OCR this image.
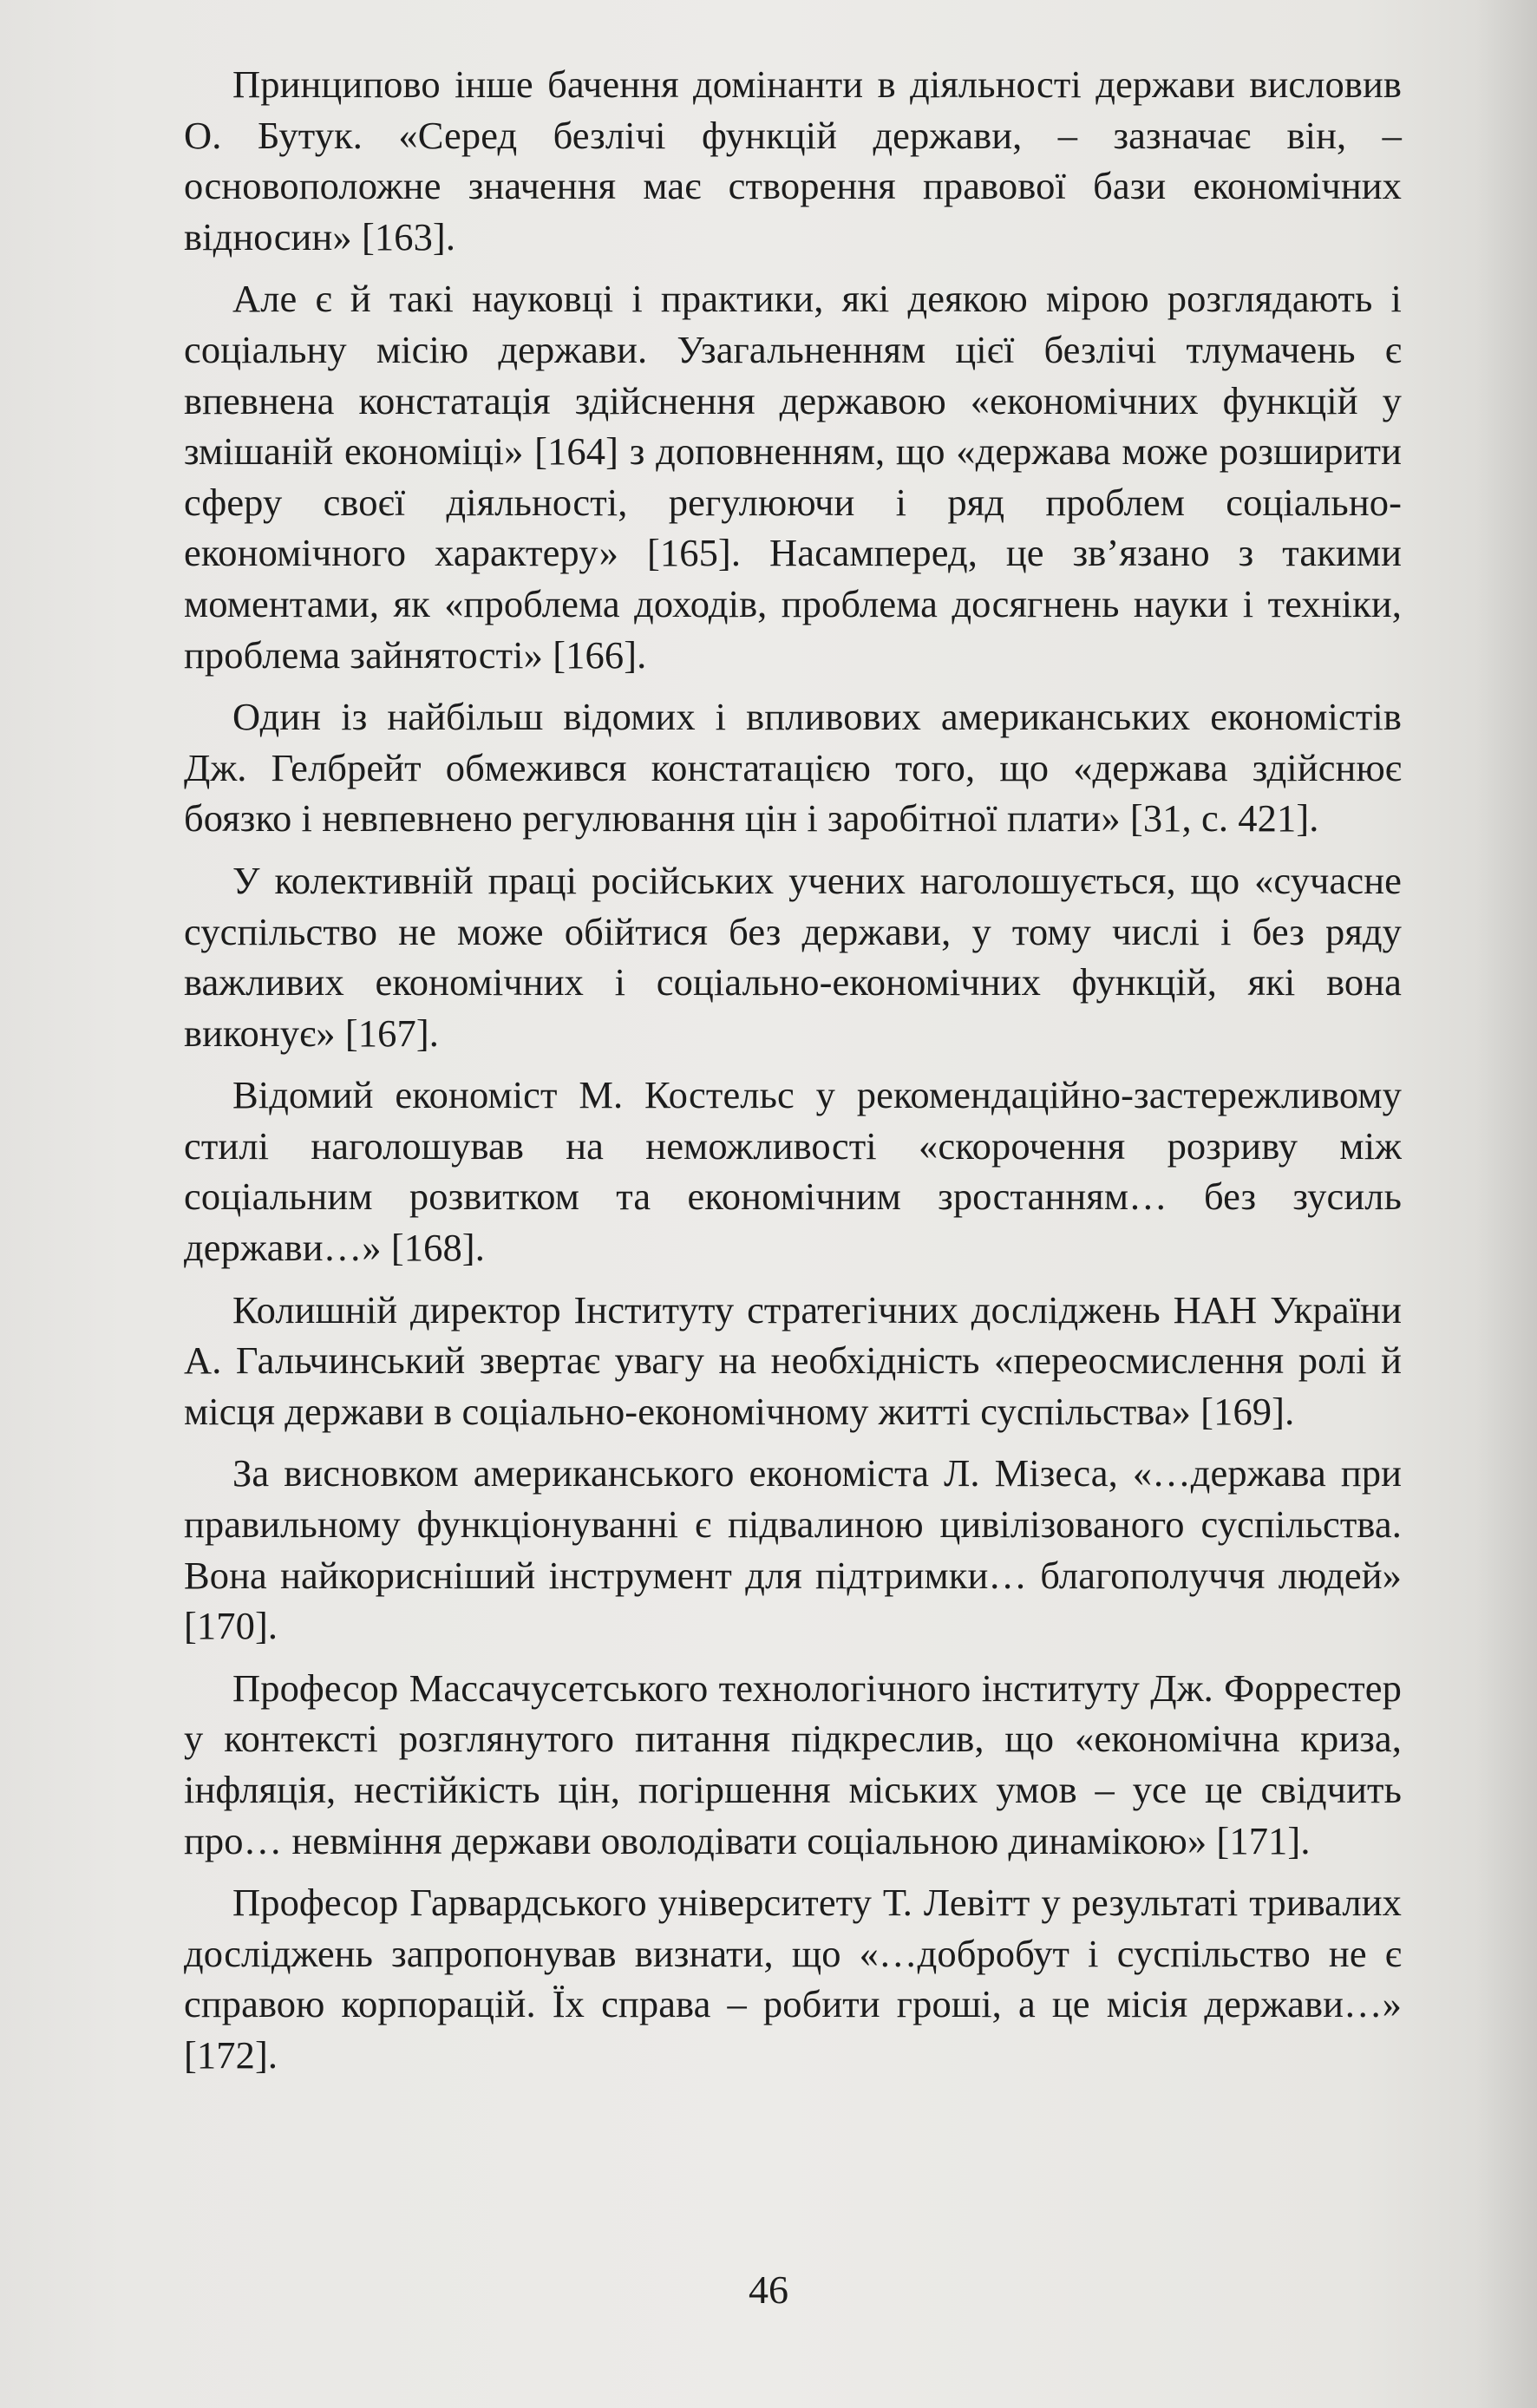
Принципово інше бачення домінанти в діяльності держави висловив О. Бутук. «Серед безлічі функцій держави, – зазначає він, – основоположне значення має створення правової бази економічних відносин» [163].

Але є й такі науковці і практики, які деякою мірою розглядають і соціальну місію держави. Узагальненням цієї безлічі тлумачень є впевнена констатація здійснення державою «економічних функцій у змішаній економіці» [164] з доповненням, що «держава може розширити сферу своєї діяльності, регулюючи і ряд проблем соціально-економічного характеру» [165]. Насамперед, це зв’язано з такими моментами, як «проблема доходів, проблема досягнень науки і техніки, проблема зайнятості» [166].

Один із найбільш відомих і впливових американських економістів Дж. Гелбрейт обмежився констатацією того, що «держава здійснює боязко і невпевнено регулювання цін і заробітної плати» [31, с. 421].

У колективній праці російських учених наголошується, що «сучасне суспільство не може обійтися без держави, у тому числі і без ряду важливих економічних і соціально-економічних функцій, які вона виконує» [167].

Відомий економіст М. Костельс у рекомендаційно-застережливому стилі наголошував на неможливості «скорочення розриву між соціальним розвитком та економічним зростанням… без зусиль держави…» [168].

Колишній директор Інституту стратегічних досліджень НАН України А. Гальчинський звертає увагу на необхідність «переосмислення ролі й місця держави в соціально-економічному житті суспільства» [169].

За висновком американського економіста Л. Мізеса, «…держава при правильному функціонуванні є підвалиною цивілізованого суспільства. Вона найкорисніший інструмент для підтримки… благополуччя людей» [170].

Професор Массачусетського технологічного інституту Дж. Форрестер у контексті розглянутого питання підкреслив, що «економічна криза, інфляція, нестійкість цін, погіршення міських умов – усе це свідчить про… невміння держави оволодівати соціальною динамікою» [171].

Професор Гарвардського університету Т. Левітт у результаті тривалих досліджень запропонував визнати, що «…добробут і суспільство не є справою корпорацій. Їх справа – робити гроші, а це місія держави…» [172].

46
